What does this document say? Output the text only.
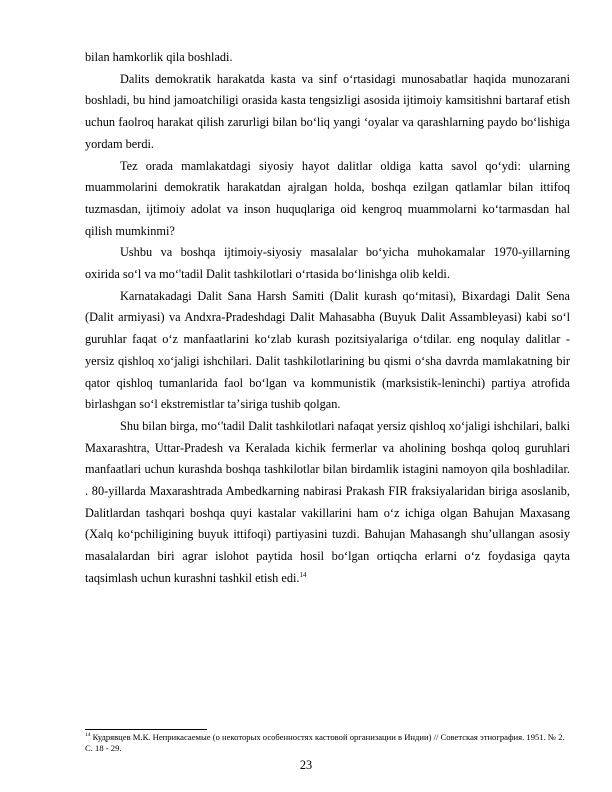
bilan hamkorlik qila boshladi.

Dalits demokratik harakatda kasta va sinf o‘rtasidagi munosabatlar haqida munozarani boshladi, bu hind jamoatchiligi orasida kasta tengsizligi asosida ijtimoiy kamsitishni bartaraf etish uchun faolroq harakat qilish zarurligi bilan bo‘liq yangi ‘oyalar va qarashlarning paydo bo‘lishiga yordam berdi.

Tez orada mamlakatdagi siyosiy hayot dalitlar oldiga katta savol qo‘ydi: ularning muammolarini demokratik harakatdan ajralgan holda, boshqa ezilgan qatlamlar bilan ittifoq tuzmasdan, ijtimoiy adolat va inson huquqlariga oid kengroq muammolarni ko‘tarmasdan hal qilish mumkinmi?

Ushbu va boshqa ijtimoiy-siyosiy masalalar bo‘yicha muhokamalar 1970-yillarning oxirida so‘l va mo‘'tadil Dalit tashkilotlari o‘rtasida bo‘linishga olib keldi.

Karnatakadagi Dalit Sana Harsh Samiti (Dalit kurash qo‘mitasi), Bixardagi Dalit Sena (Dalit armiyasi) va Andxra-Pradeshdagi Dalit Mahasabha (Buyuk Dalit Assambleyasi) kabi so‘l guruhlar faqat o‘z manfaatlarini ko‘zlab kurash pozitsiyalariga o‘tdilar. eng noqulay dalitlar - yersiz qishloq xo‘jaligi ishchilari. Dalit tashkilotlarining bu qismi o‘sha davrda mamlakatning bir qator qishloq tumanlarida faol bo‘lgan va kommunistik (marksistik-leninchi) partiya atrofida birlashgan so‘l ekstremistlar taʼsiriga tushib qolgan.

Shu bilan birga, mo‘'tadil Dalit tashkilotlari nafaqat yersiz qishloq xo‘jaligi ishchilari, balki Maxarashtra, Uttar-Pradesh va Keralada kichik fermerlar va aholining boshqa qoloq guruhlari manfaatlari uchun kurashda boshqa tashkilotlar bilan birdamlik istagini namoyon qila boshladilar. . 80-yillarda Maxarashtrada Ambedkarning nabirasi Prakash FIR fraksiyalaridan biriga asoslanib, Dalitlardan tashqari boshqa quyi kastalar vakillarini ham o‘z ichiga olgan Bahujan Maxasang (Xalq ko‘pchiligining buyuk ittifoqi) partiyasini tuzdi. Bahujan Mahasangh shu’ullangan asosiy masalalardan biri agrar islohot paytida hosil bo‘lgan ortiqcha erlarni o‘z foydasiga qayta taqsimlash uchun kurashni tashkil etish edi.$^{14}$

$^{14}$ Кудрявцев М.К. Неприкасаемые (о некоторых особенностях кастовой организации в Индии) // Советская этнография. 1951. № 2. С. 18 - 29.

23
